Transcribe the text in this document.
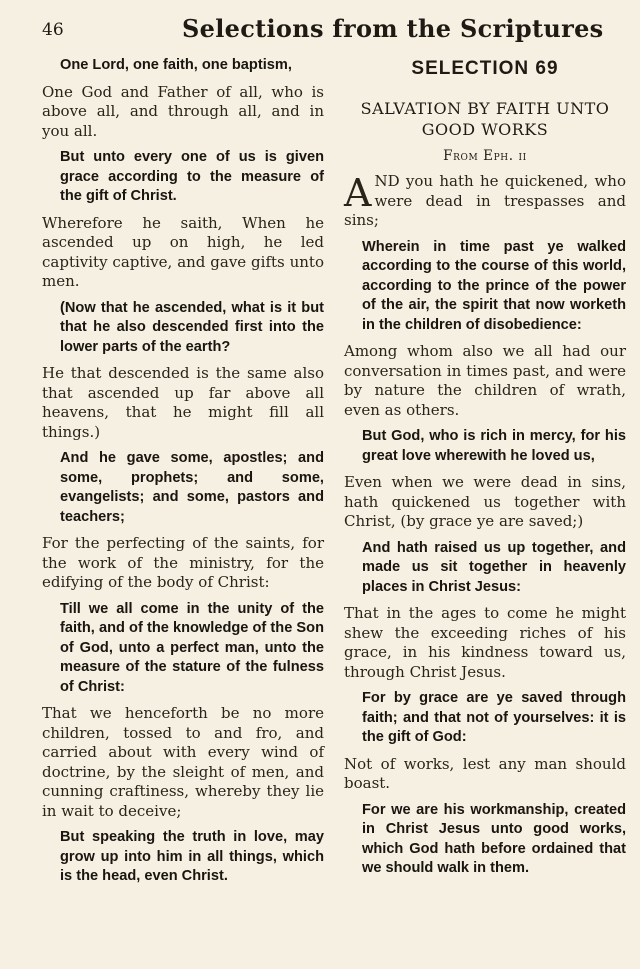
46	Selections from the Scriptures

One Lord, one faith, one baptism,

One God and Father of all, who is above all, and through all, and in you all.

But unto every one of us is given grace according to the measure of the gift of Christ.

Wherefore he saith, When he ascended up on high, he led captivity captive, and gave gifts unto men.

(Now that he ascended, what is it but that he also descended first into the lower parts of the earth?

He that descended is the same also that ascended up far above all heavens, that he might fill all things.)

And he gave some, apostles; and some, prophets; and some, evangelists; and some, pastors and teachers;

For the perfecting of the saints, for the work of the ministry, for the edifying of the body of Christ:

Till we all come in the unity of the faith, and of the knowledge of the Son of God, unto a perfect man, unto the measure of the stature of the fulness of Christ:

That we henceforth be no more children, tossed to and fro, and carried about with every wind of doctrine, by the sleight of men, and cunning craftiness, whereby they lie in wait to deceive;

But speaking the truth in love, may grow up into him in all things, which is the head, even Christ.

SELECTION 69
SALVATION BY FAITH UNTO GOOD WORKS
From Eph. ii

AND you hath he quickened, who were dead in trespasses and sins;

Wherein in time past ye walked according to the course of this world, according to the prince of the power of the air, the spirit that now worketh in the children of disobedience:

Among whom also we all had our conversation in times past, and were by nature the children of wrath, even as others.

But God, who is rich in mercy, for his great love wherewith he loved us,

Even when we were dead in sins, hath quickened us together with Christ, (by grace ye are saved;)

And hath raised us up together, and made us sit together in heavenly places in Christ Jesus:

That in the ages to come he might shew the exceeding riches of his grace, in his kindness toward us, through Christ Jesus.

For by grace are ye saved through faith; and that not of yourselves: it is the gift of God:

Not of works, lest any man should boast.

For we are his workmanship, created in Christ Jesus unto good works, which God hath before ordained that we should walk in them.
